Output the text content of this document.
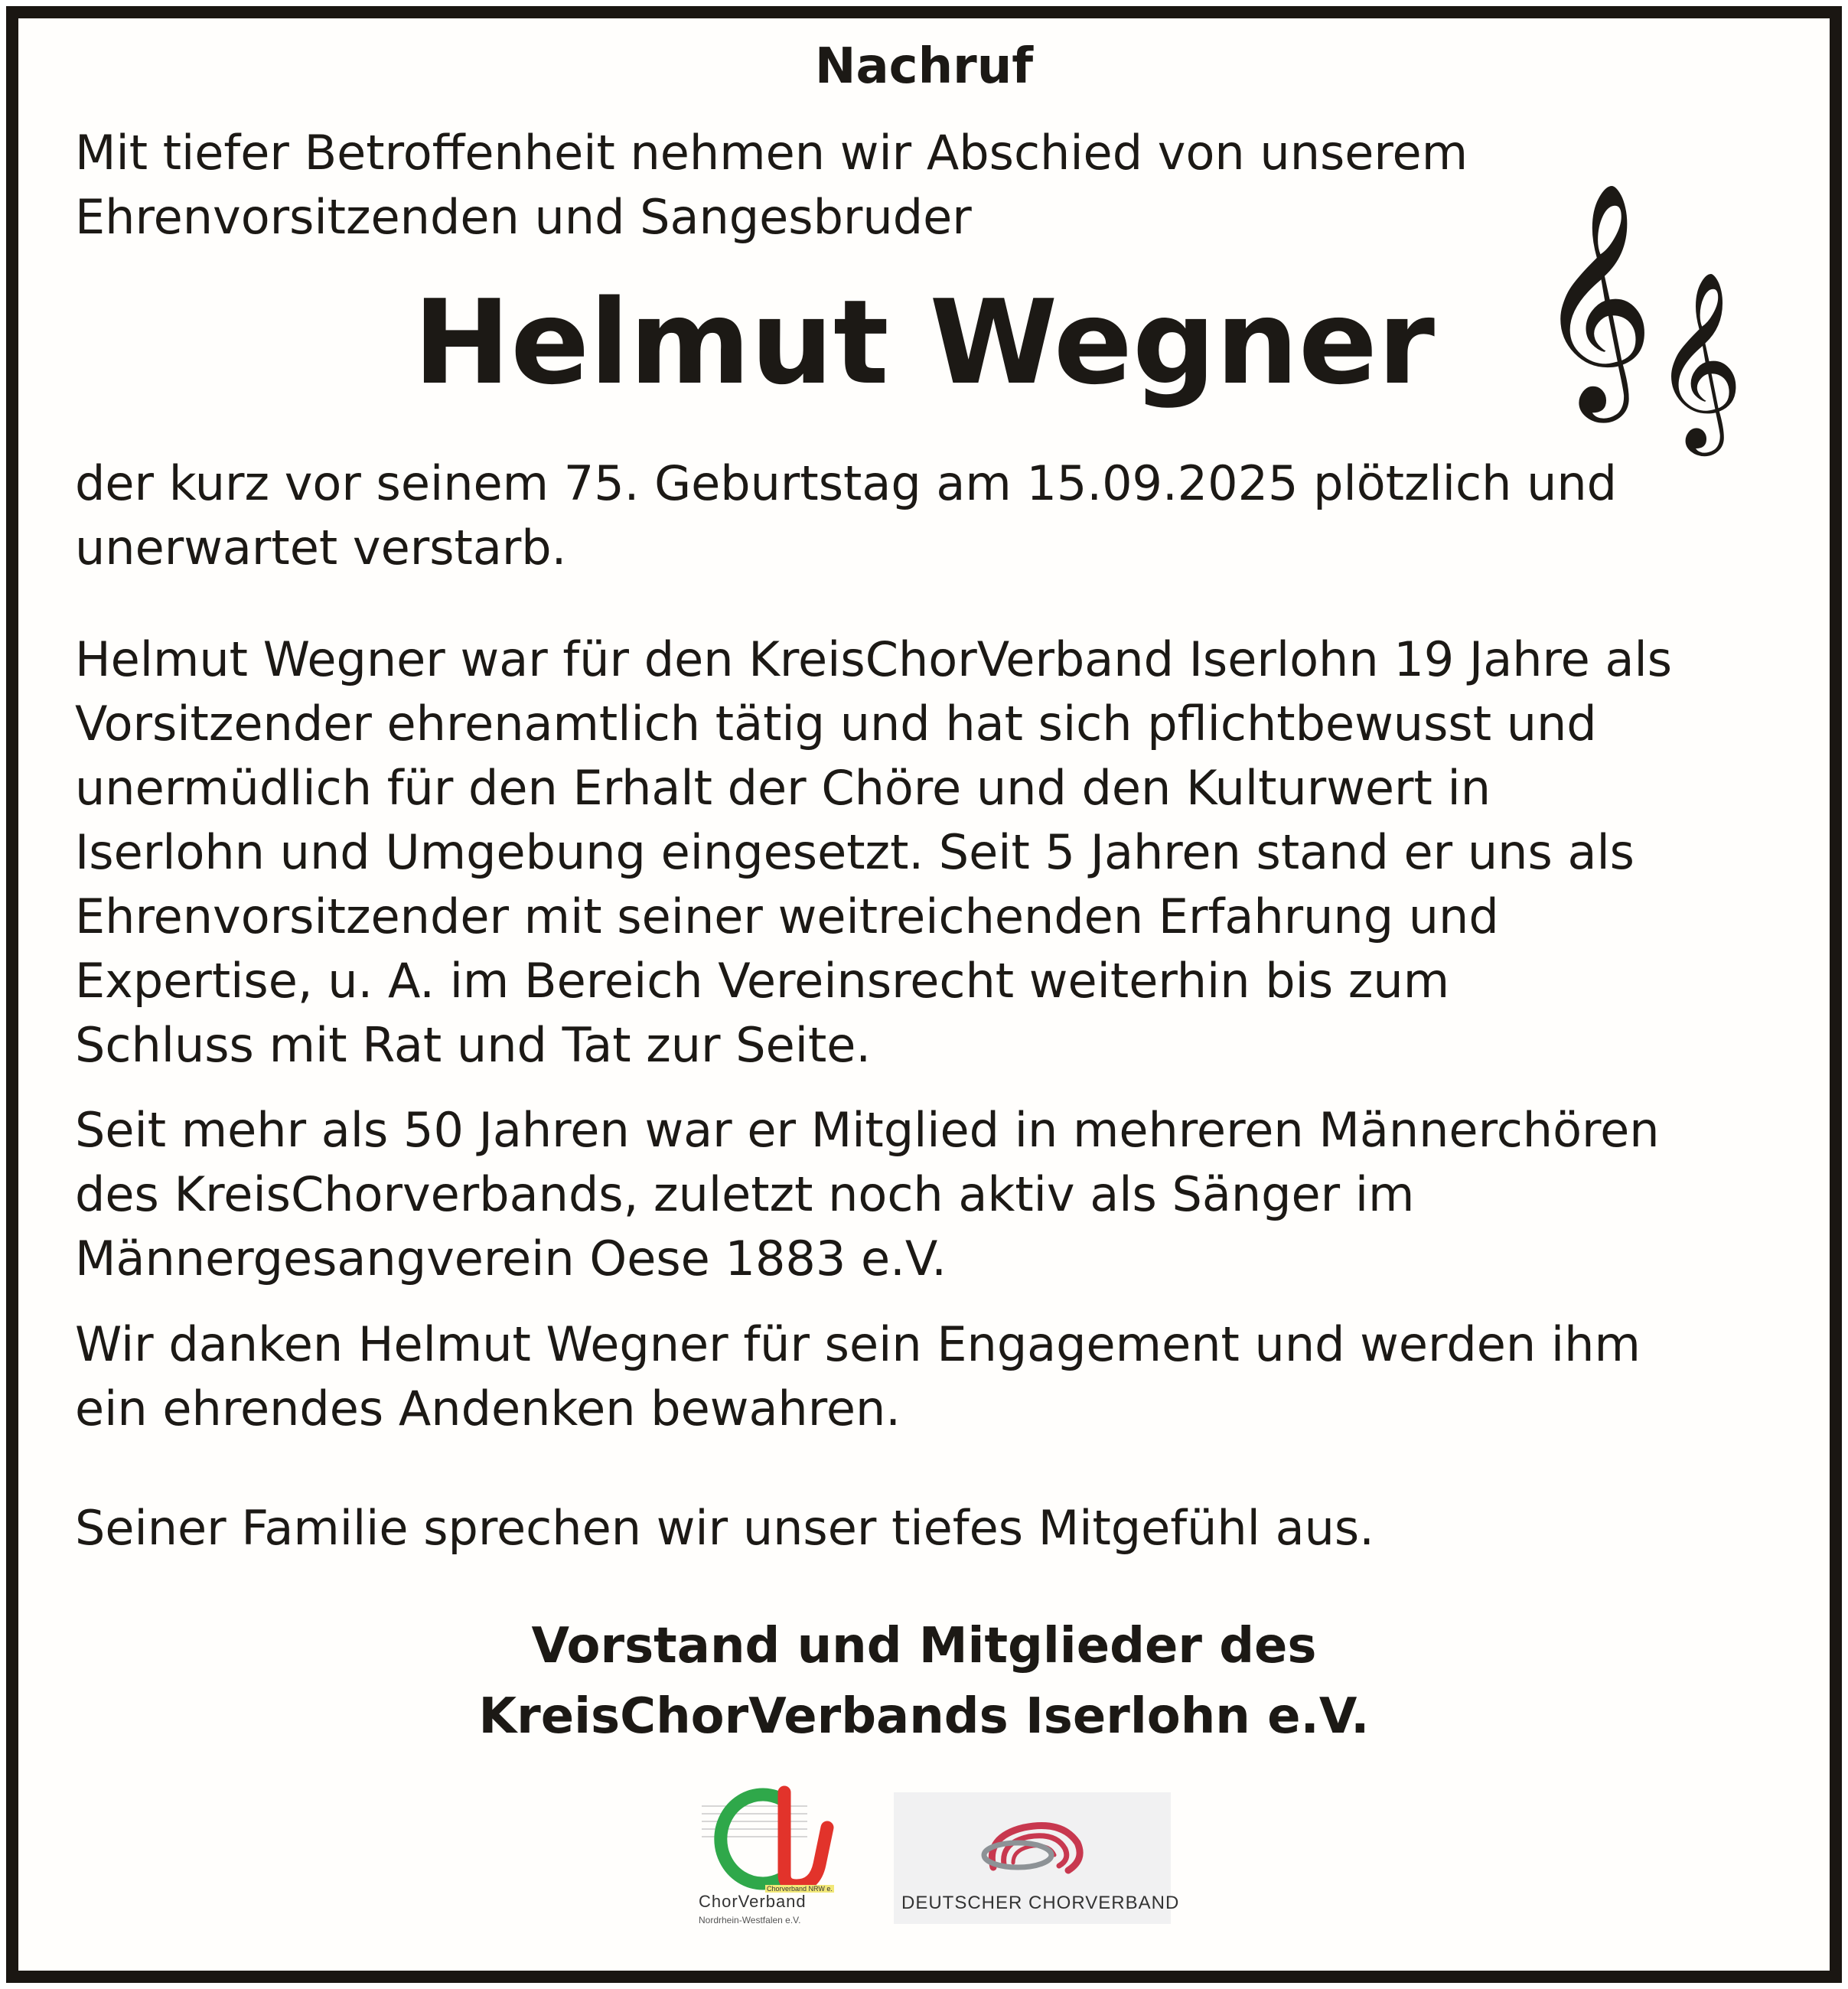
Nachruf

Mit tiefer Betroffenheit nehmen wir Abschied von unserem
Ehrenvorsitzenden und Sangesbruder

Helmut Wegner 𝄞
𝄞
der kurz vor seinem 75. Geburtstag am 15.09.2025 plötzlich und
unerwartet verstarb.
Helmut Wegner war für den KreisChorVerband Iserlohn 19 Jahre als
Vorsitzender ehrenamtlich tätig und hat sich pflichtbewusst und
unermüdlich für den Erhalt der Chöre und den Kulturwert in
Iserlohn und Umgebung eingesetzt. Seit 5 Jahren stand er uns als
Ehrenvorsitzender mit seiner weitreichenden Erfahrung und
Expertise, u. A. im Bereich Vereinsrecht weiterhin bis zum
Schluss mit Rat und Tat zur Seite.
Seit mehr als 50 Jahren war er Mitglied in mehreren Männerchören
des KreisChorverbands, zuletzt noch aktiv als Sänger im
Männergesangverein Oese 1883 e.V.
Wir danken Helmut Wegner für sein Engagement und werden ihm
ein ehrendes Andenken bewahren.
Seiner Familie sprechen wir unser tiefes Mitgefühl aus.
Vorstand und Mitglieder des
KreisChorVerbands Iserlohn e.V.
Chorverband NRW e.
ChorVerband
Nordrhein-Westfalen e.V.
DEUTSCHER CHORVERBAND
